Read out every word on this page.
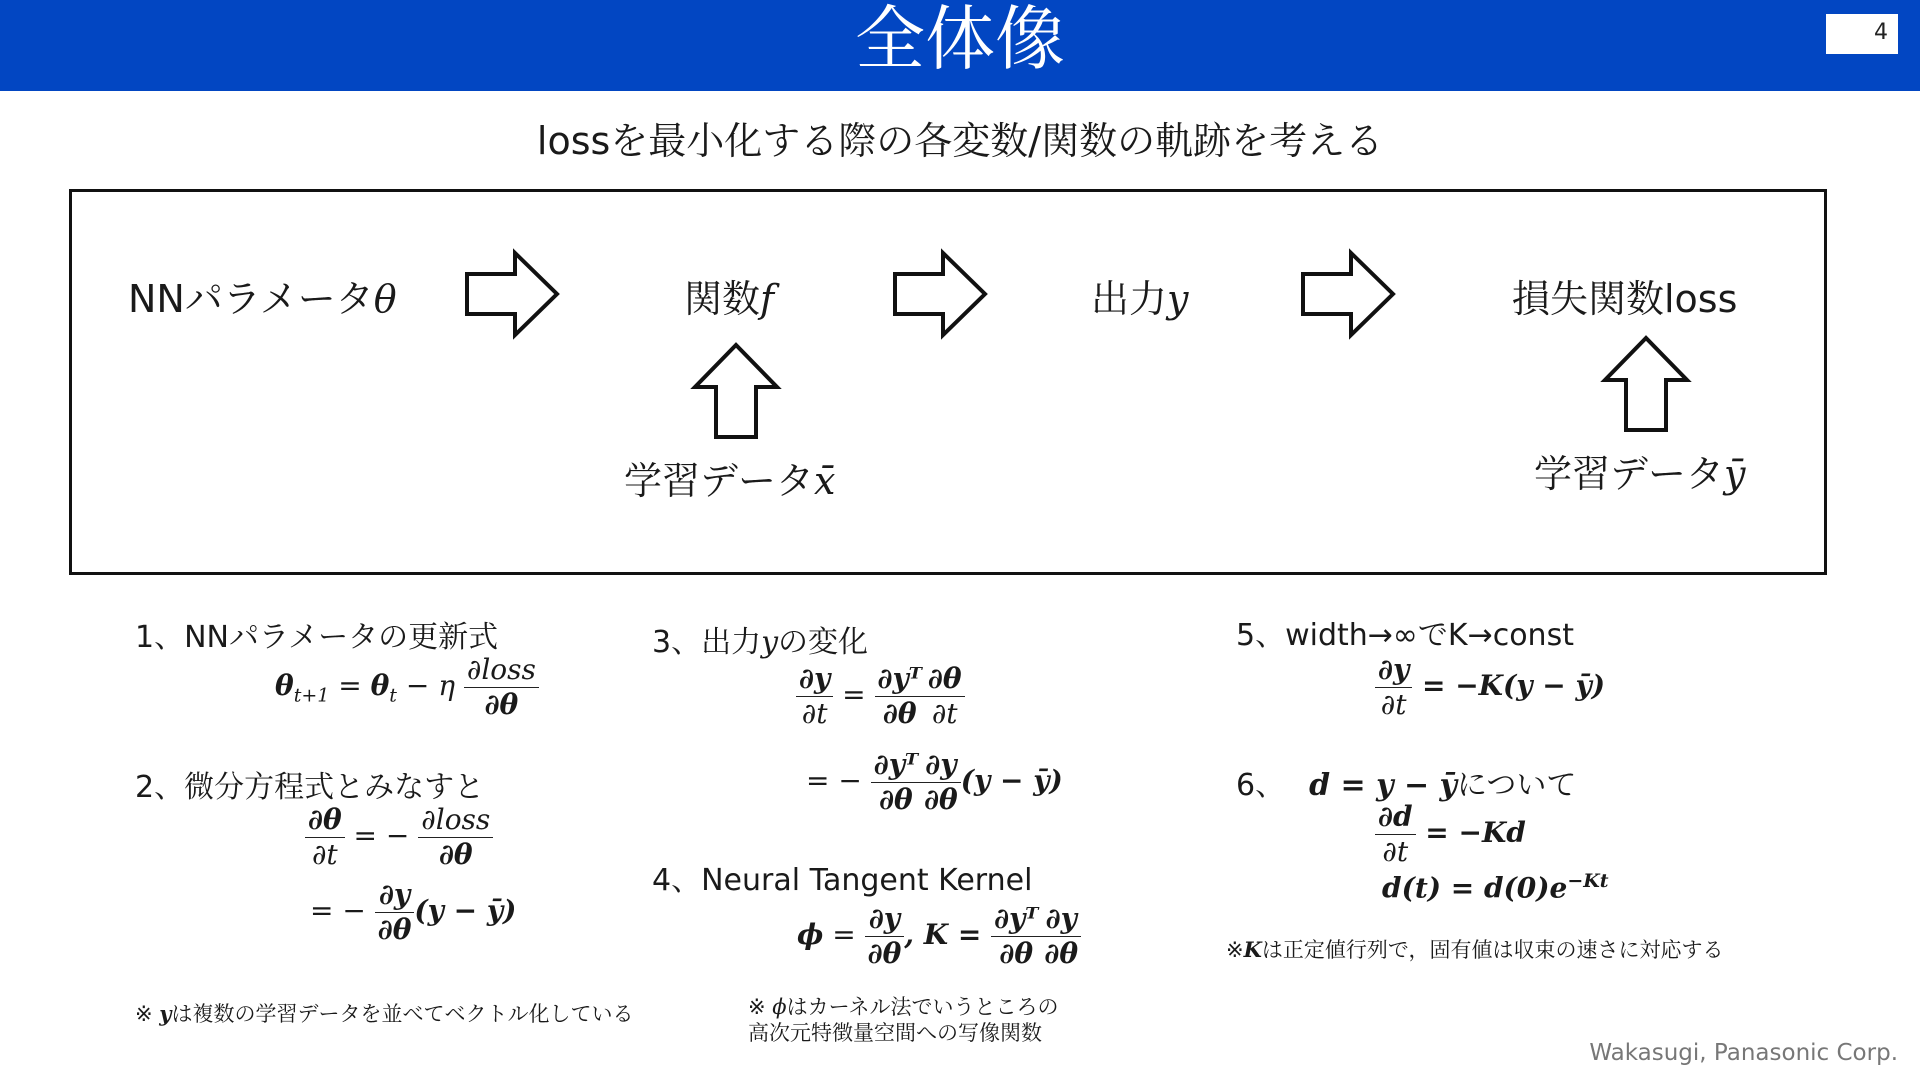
全体像	4
lossを最小化する際の各変数/関数の軌跡を考える
NNパラメータθ	関数f	出力y	損失関数loss
学習データx̄	学習データȳ
1、NNパラメータの更新式
$\theta_{t+1} = \theta_t - \eta \frac{\text{∂loss}}{\partial\theta}$
2、微分方程式とみなすと
$\frac{\partial\theta}{\partial t}$ = − $\frac{\text{∂loss}}{\partial\theta}$
= − $\frac{\partial y}{\partial\theta} (y$ − ȳ)
※ yは複数の学習データを並べてベクトル化している
3、出力yの変化
$\frac{\partial y}{\partial t} = \frac{\text{∂yᵀ}}{\partial\theta} \frac{\partial\theta}{\partial t}$
= − $\frac{\text{∂yᵀ}}{\partial\theta} \frac{\partial y}{\partial\theta} (y$ − ȳ)
4、Neural Tangent Kernel
$\phi = \frac{\partial y}{\partial\theta}$ , $K = \frac{\text{∂yᵀ}}{\partial\theta} \frac{\partial y}{\partial\theta}$
※ ϕはカーネル法でいうところの
高次元特徴量空間への写像関数
5、width→∞でK→const
$\frac{\partial y}{\partial t} = -K(y$ − ȳ)
6、 d = y − ȳについて
$\frac{\partial d}{\partial t} = -Kd$
$d(t) = d(0)e^{-Kt}$
※Kは正定値行列で，固有値は収束の速さに対応する
Wakasugi, Panasonic Corp.
